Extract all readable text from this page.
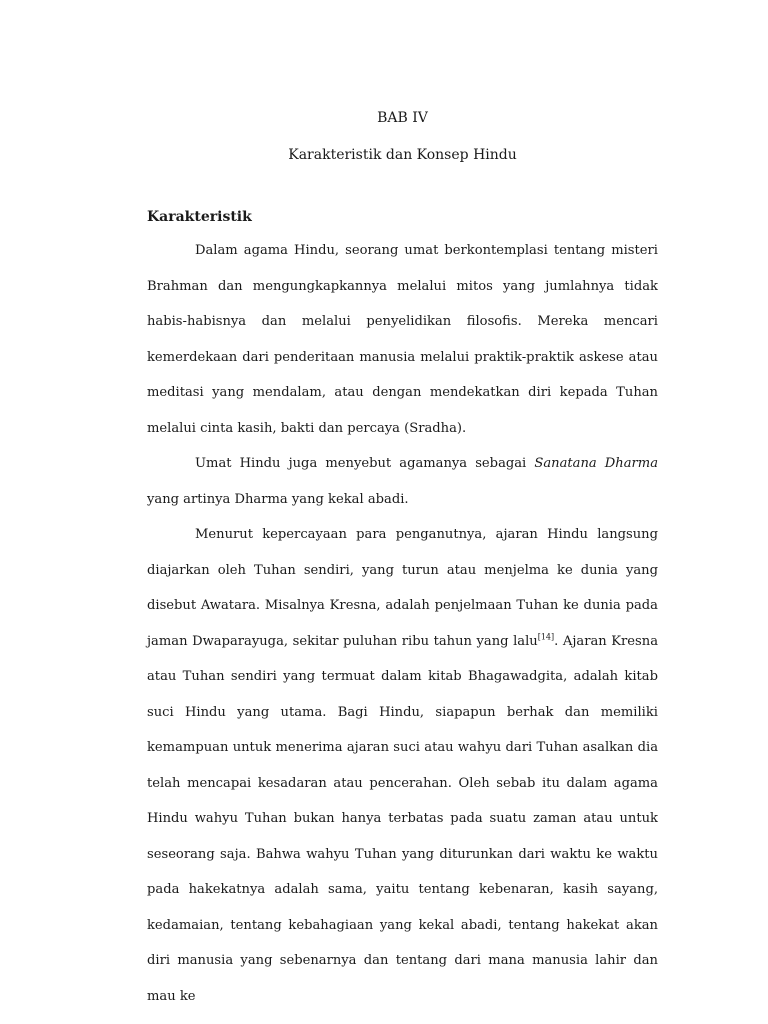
BAB IV

Karakteristik dan Konsep Hindu

Karakteristik

Dalam agama Hindu, seorang umat berkontemplasi tentang misteri Brahman dan mengungkapkannya melalui mitos yang jumlahnya tidak habis-habisnya dan melalui penyelidikan filosofis. Mereka mencari kemerdekaan dari penderitaan manusia melalui praktik-praktik askese atau meditasi yang mendalam, atau dengan mendekatkan diri kepada Tuhan melalui cinta kasih, bakti dan percaya (Sradha).

Umat Hindu juga menyebut agamanya sebagai Sanatana Dharma yang artinya Dharma yang kekal abadi.

Menurut kepercayaan para penganutnya, ajaran Hindu langsung diajarkan oleh Tuhan sendiri, yang turun atau menjelma ke dunia yang disebut Awatara. Misalnya Kresna, adalah penjelmaan Tuhan ke dunia pada jaman Dwaparayuga, sekitar puluhan ribu tahun yang lalu[14]. Ajaran Kresna atau Tuhan sendiri yang termuat dalam kitab Bhagawadgita, adalah kitab suci Hindu yang utama. Bagi Hindu, siapapun berhak dan memiliki kemampuan untuk menerima ajaran suci atau wahyu dari Tuhan asalkan dia telah mencapai kesadaran atau pencerahan. Oleh sebab itu dalam agama Hindu wahyu Tuhan bukan hanya terbatas pada suatu zaman atau untuk seseorang saja. Bahwa wahyu Tuhan yang diturunkan dari waktu ke waktu pada hakekatnya adalah sama, yaitu tentang kebenaran, kasih sayang, kedamaian, tentang kebahagiaan yang kekal abadi, tentang hakekat akan diri manusia yang sebenarnya dan tentang dari mana manusia lahir dan mau ke
